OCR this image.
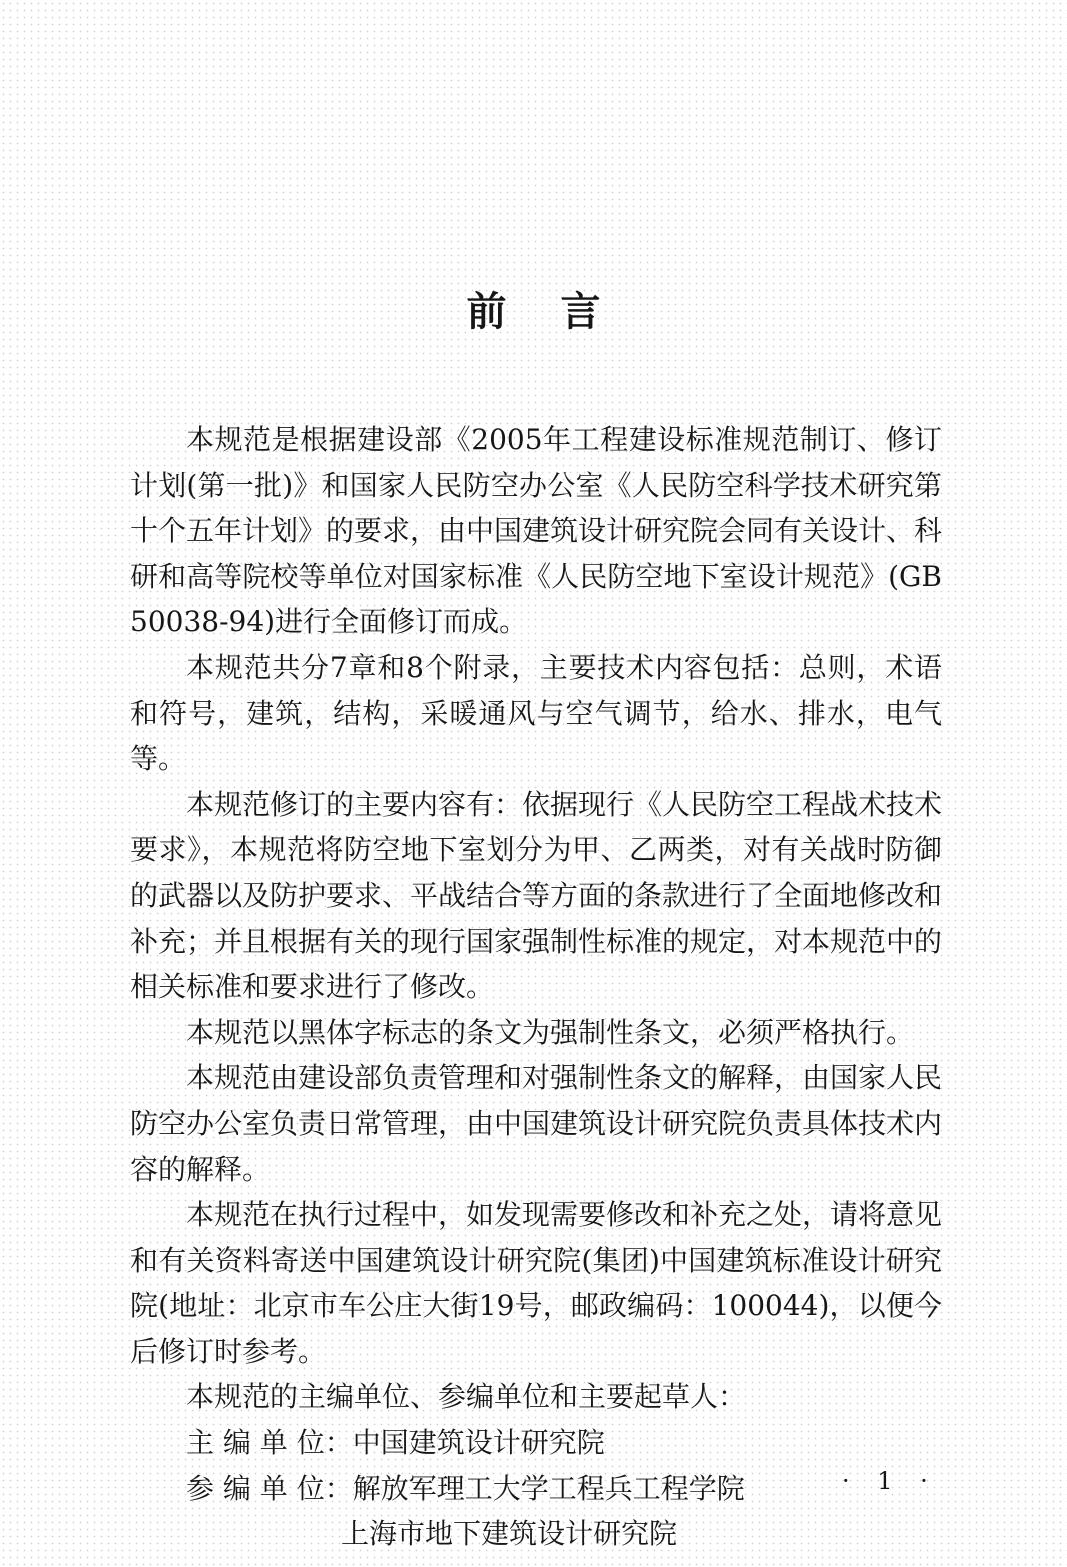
前言

本规范是根据建设部《2005年工程建设标准规范制订、修订计划(第一批)》和国家人民防空办公室《人民防空科学技术研究第十个五年计划》的要求，由中国建筑设计研究院会同有关设计、科研和高等院校等单位对国家标准《人民防空地下室设计规范》(GB 50038-94)进行全面修订而成。

本规范共分7章和8个附录，主要技术内容包括：总则，术语和符号，建筑，结构，采暖通风与空气调节，给水、排水，电气等。

本规范修订的主要内容有：依据现行《人民防空工程战术技术要求》，本规范将防空地下室划分为甲、乙两类，对有关战时防御的武器以及防护要求、平战结合等方面的条款进行了全面地修改和补充；并且根据有关的现行国家强制性标准的规定，对本规范中的相关标准和要求进行了修改。

本规范以黑体字标志的条文为强制性条文，必须严格执行。

本规范由建设部负责管理和对强制性条文的解释，由国家人民防空办公室负责日常管理，由中国建筑设计研究院负责具体技术内容的解释。

本规范在执行过程中，如发现需要修改和补充之处，请将意见和有关资料寄送中国建筑设计研究院(集团)中国建筑标准设计研究院(地址：北京市车公庄大街19号，邮政编码：100044)，以便今后修订时参考。

本规范的主编单位、参编单位和主要起草人：

主 编 单 位：中国建筑设计研究院

参 编 单 位：解放军理工大学工程兵工程学院

上海市地下建筑设计研究院

· 1 ·
